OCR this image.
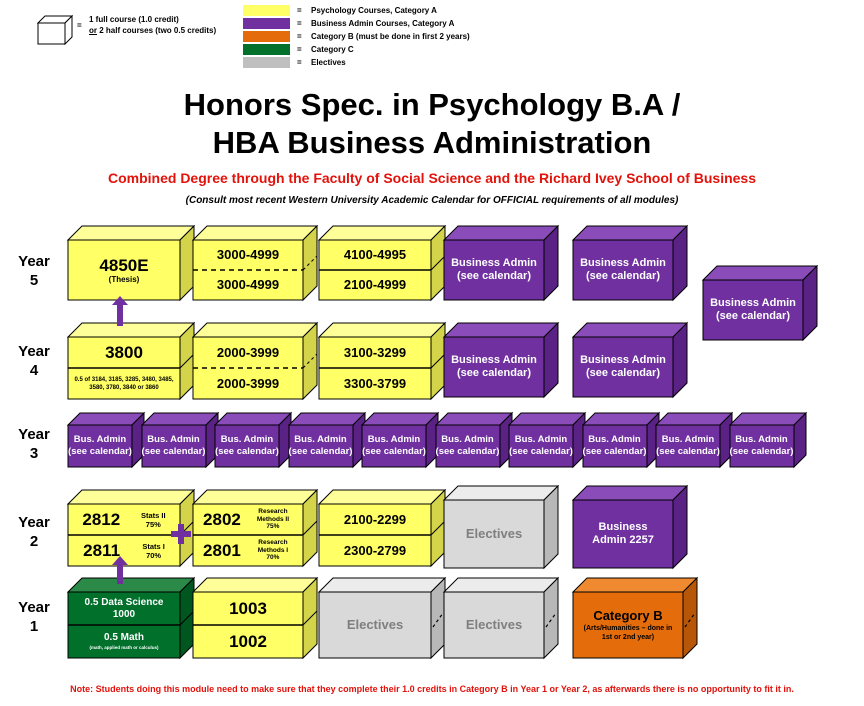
=
1 full course (1.0 credit)
or 2 half courses (two 0.5 credits)
= Psychology Courses, Category A
= Business Admin Courses, Category A
= Category B (must be done in first 2 years)
= Category C
= Electives
Honors Spec. in Psychology B.A /
HBA Business Administration
Combined Degree through the Faculty of Social Science and the Richard Ivey School of Business
(Consult most recent Western University Academic Calendar for OFFICIAL requirements of all modules)
Year 5
Year 4
Year 3
Year 2
Year 1
4850E
(Thesis)
3000-4999
3000-4999
4100-4995
2100-4999
Business Admin (see calendar)
Business Admin (see calendar)
Business Admin (see calendar)
3800
0.5 of 3184, 3185, 3285, 3480, 3485, 3580, 3780, 3840 or 3860
2000-3999
2000-3999
3100-3299
3300-3799
Business Admin (see calendar)
Business Admin (see calendar)
Bus. Admin (see calendar)
Bus. Admin (see calendar)
Bus. Admin (see calendar)
Bus. Admin (see calendar)
Bus. Admin (see calendar)
Bus. Admin (see calendar)
Bus. Admin (see calendar)
Bus. Admin (see calendar)
Bus. Admin (see calendar)
Bus. Admin (see calendar)
2812	Stats II
75%
2811	Stats I
70%
2802	Research Methods II
75%
2801	Research Methods I
70%
2100-2299
2300-2799
Electives	Business Admin 2257
0.5 Data Science
1000
0.5 Math
(math, applied math or calculus)
1003
1002
Electives	Electives
Category B
(Arts/Humanities – done in 1st or 2nd year)
Note: Students doing this module need to make sure that they complete their 1.0 credits in Category B in Year 1 or Year 2, as afterwards there is no opportunity to fit it in.
